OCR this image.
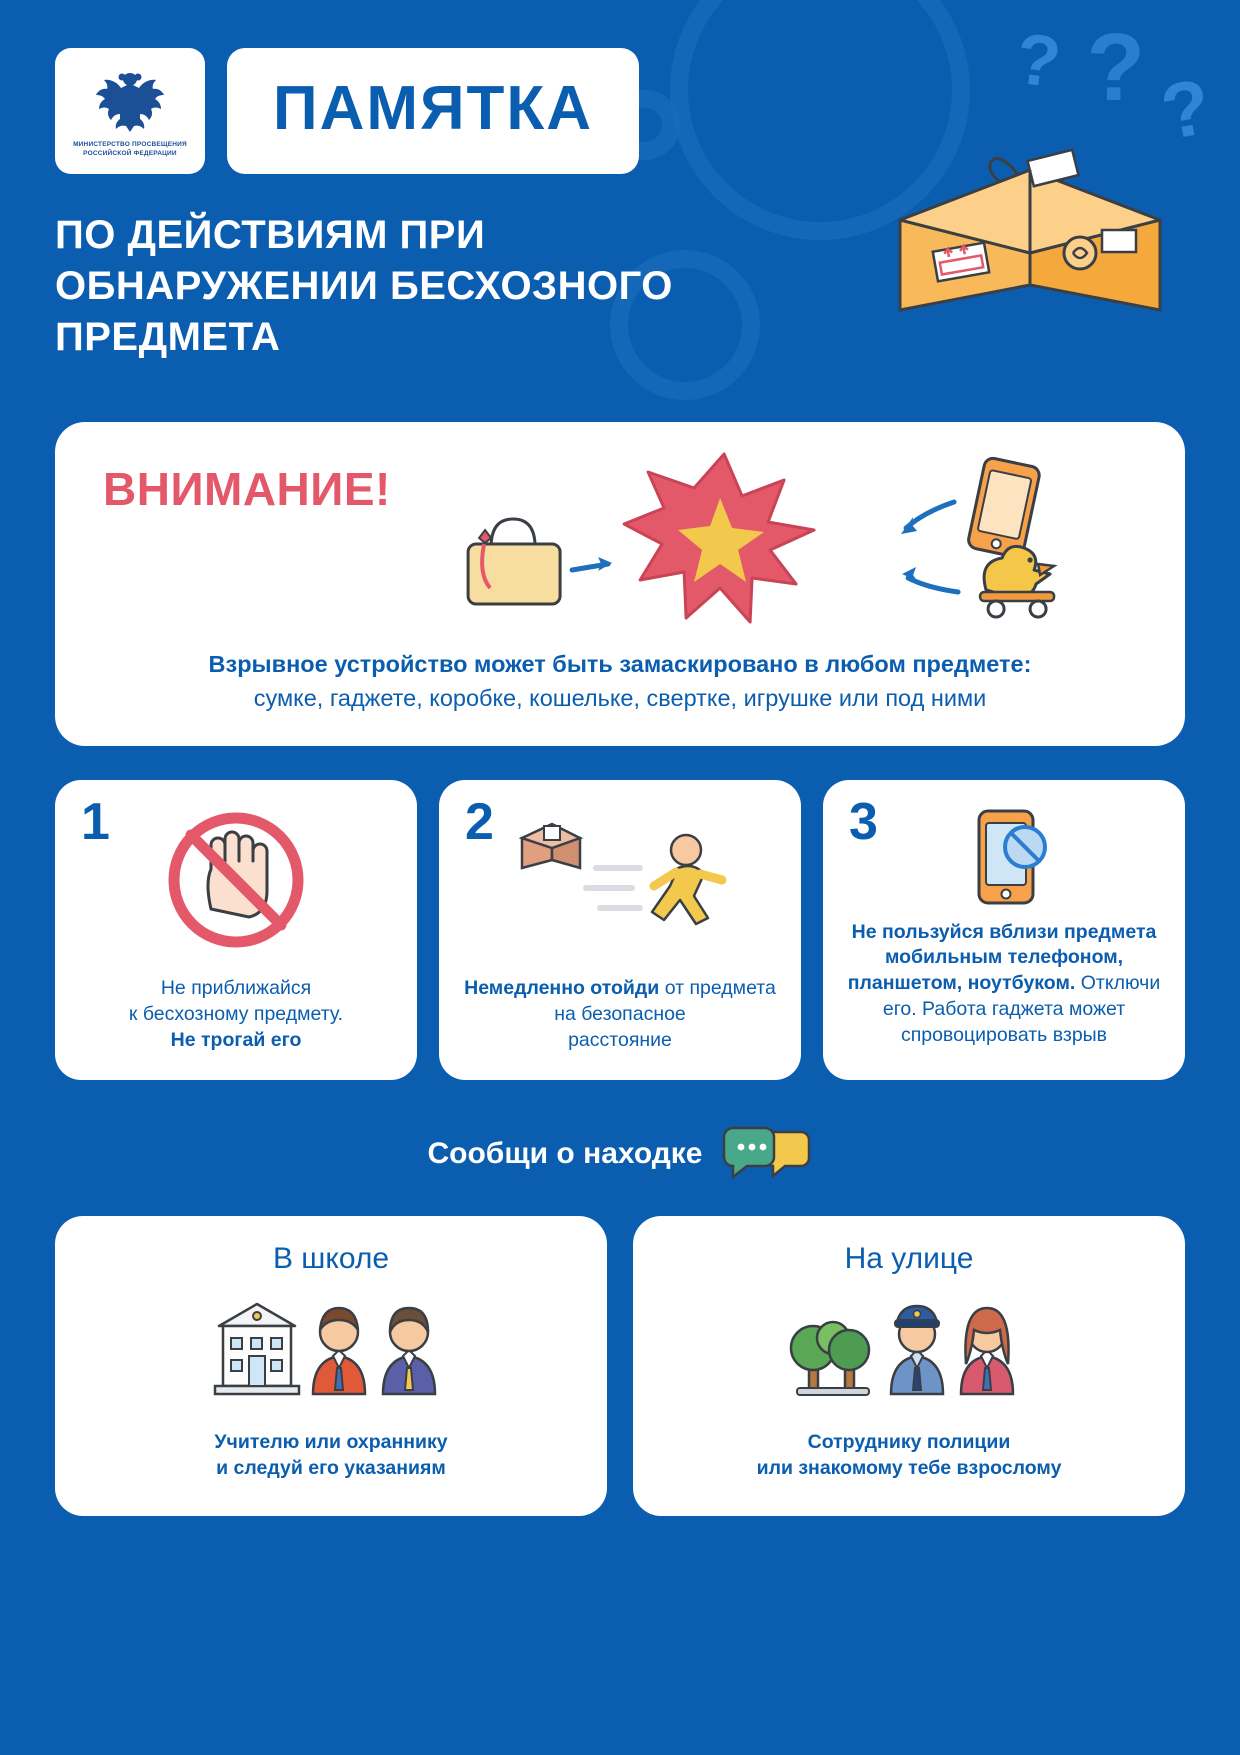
? ? ?
МИНИСТЕРСТВО ПРОСВЕЩЕНИЯ РОССИЙСКОЙ ФЕДЕРАЦИИ
ПАМЯТКА
ПО ДЕЙСТВИЯМ ПРИ ОБНАРУЖЕНИИ БЕСХОЗНОГО ПРЕДМЕТА
ВНИМАНИЕ!
Взрывное устройство может быть замаскировано в любом предмете:
сумке, гаджете, коробке, кошельке, свертке, игрушке или под ними
1
Не приближайся
к бесхозному предмету.
Не трогай его
2
Немедленно отойди от предмета
на безопасное
расстояние
3
Не пользуйся вблизи предмета мобильным телефоном, планшетом, ноутбуком. Отключи его. Работа гаджета может спровоцировать взрыв
Сообщи о находке
В школе
Учителю или охраннику
и следуй его указаниям
На улице
Сотруднику полиции
или знакомому тебе взрослому
